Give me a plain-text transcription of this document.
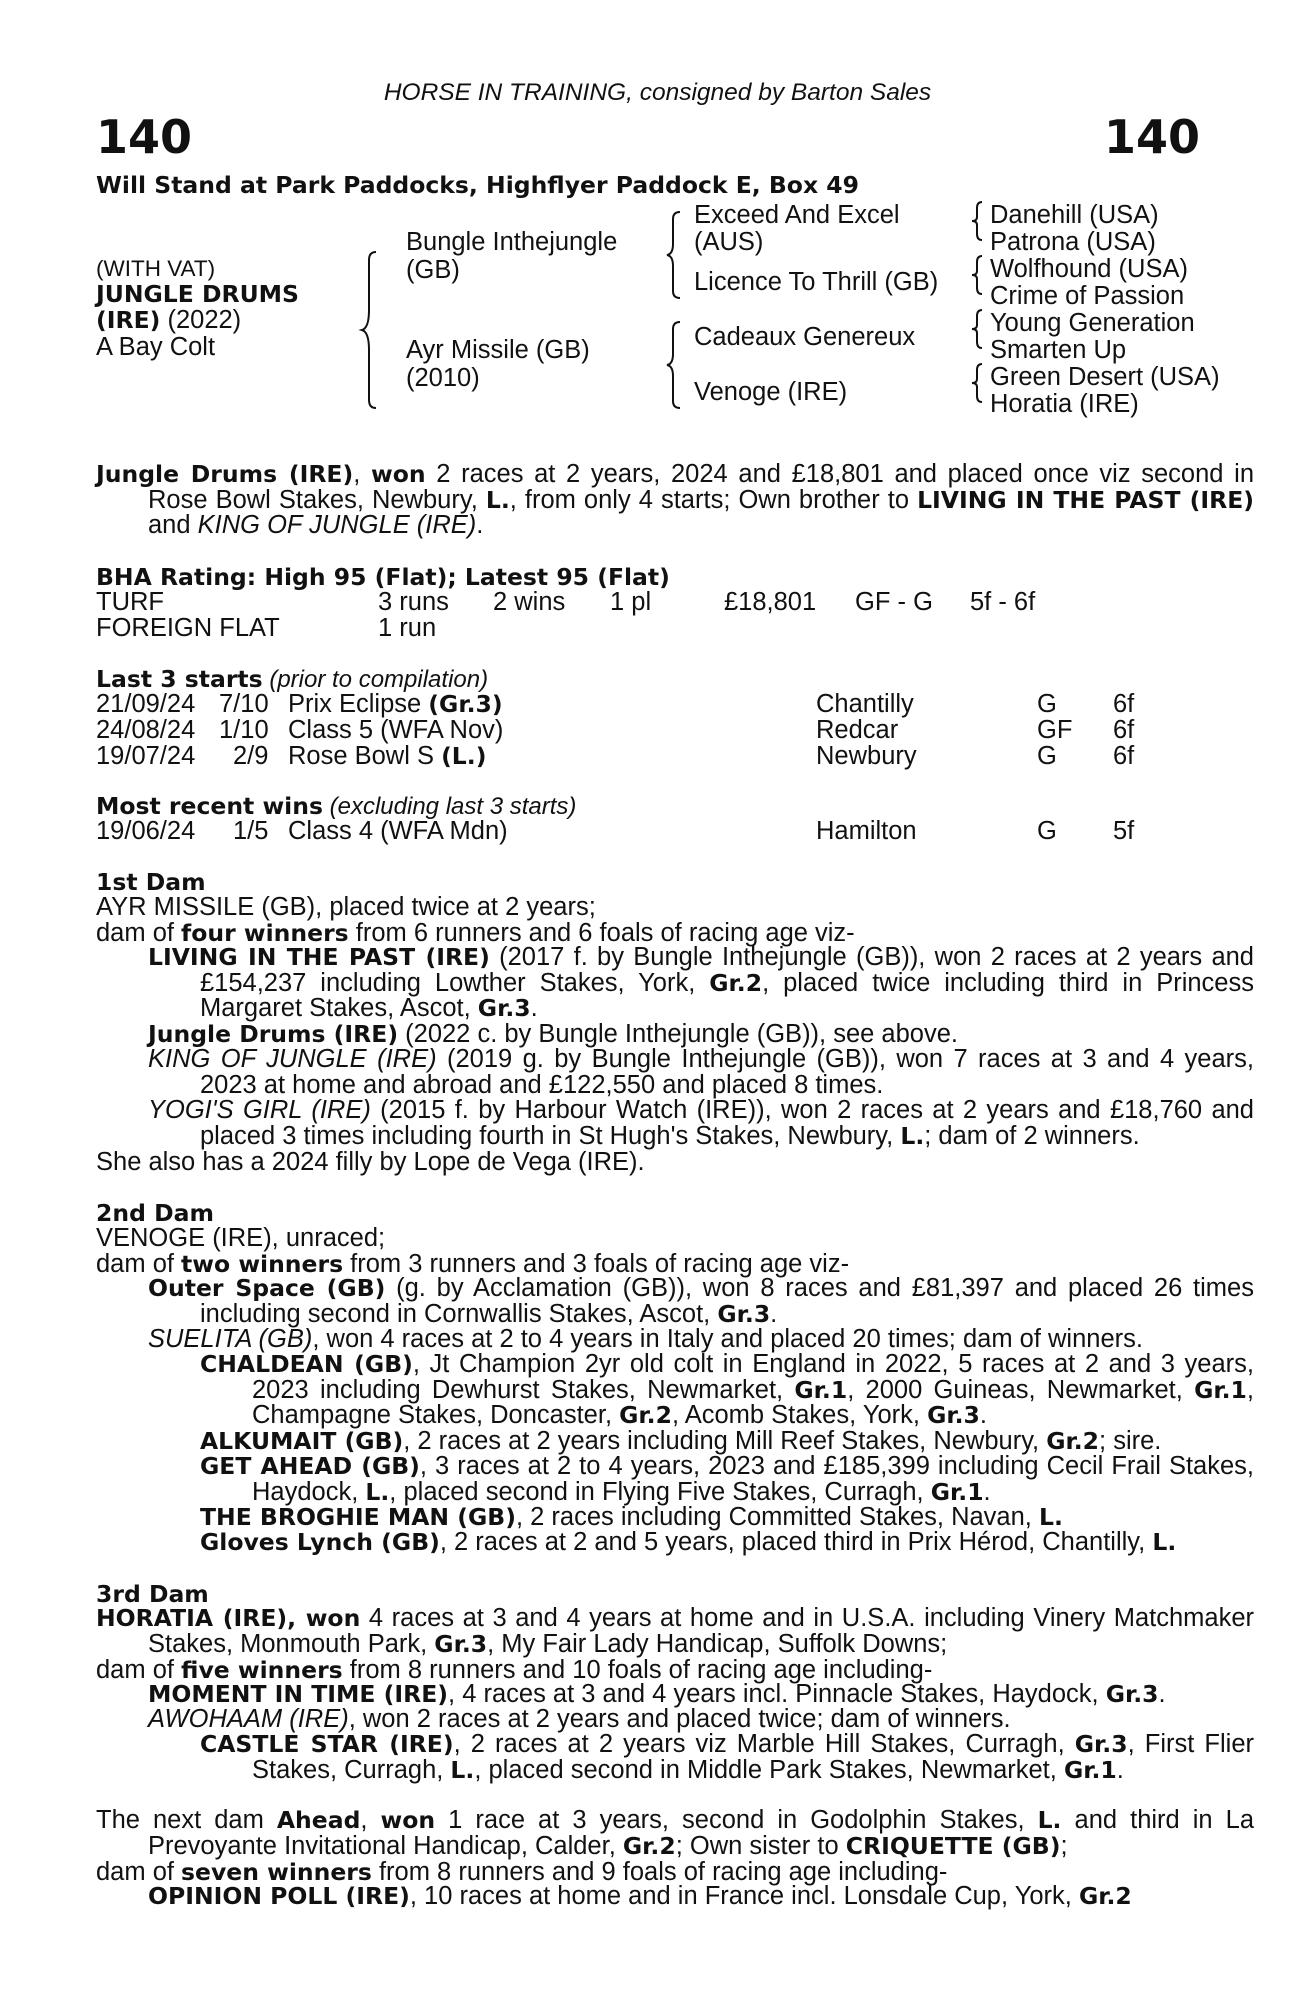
HORSE IN TRAINING, consigned by Barton Sales
140	140
Will Stand at Park Paddocks, Highflyer Paddock E, Box 49
(WITH VAT)
JUNGLE DRUMS
(IRE) (2022)
A Bay Colt
Bungle Inthejungle
(GB)
Ayr Missile (GB)
(2010)
Exceed And Excel
(AUS)
Licence To Thrill (GB)
Cadeaux Genereux
Venoge (IRE)
Danehill (USA)
Patrona (USA)
Wolfhound (USA)
Crime of Passion
Young Generation
Smarten Up
Green Desert (USA)
Horatia (IRE)
Jungle Drums (IRE), won 2 races at 2 years, 2024 and £18,801 and placed once viz second in Rose Bowl Stakes, Newbury, L., from only 4 starts; Own brother to LIVING IN THE PAST (IRE) and KING OF JUNGLE (IRE).
BHA Rating: High 95 (Flat); Latest 95 (Flat)
TURF	3 runs 2 wins 1 pl	£18,801 GF - G 5f - 6f
FOREIGN FLAT	1 run
Last 3 starts (prior to compilation)
21/09/24 7/10 Prix Eclipse (Gr.3)	Chantilly	G 6f
24/08/24 1/10 Class 5 (WFA Nov)	Redcar	GF 6f
19/07/24 2/9 Rose Bowl S (L.)	Newbury	G 6f
Most recent wins (excluding last 3 starts)
19/06/24 1/5 Class 4 (WFA Mdn)	Hamilton	G 5f
1st Dam
AYR MISSILE (GB), placed twice at 2 years;
dam of four winners from 6 runners and 6 foals of racing age viz-
LIVING IN THE PAST (IRE) (2017 f. by Bungle Inthejungle (GB)), won 2 races at 2 years and £154,237 including Lowther Stakes, York, Gr.2, placed twice including third in Princess Margaret Stakes, Ascot, Gr.3.
Jungle Drums (IRE) (2022 c. by Bungle Inthejungle (GB)), see above.
KING OF JUNGLE (IRE) (2019 g. by Bungle Inthejungle (GB)), won 7 races at 3 and 4 years, 2023 at home and abroad and £122,550 and placed 8 times.
YOGI'S GIRL (IRE) (2015 f. by Harbour Watch (IRE)), won 2 races at 2 years and £18,760 and placed 3 times including fourth in St Hugh's Stakes, Newbury, L.; dam of 2 winners.
She also has a 2024 filly by Lope de Vega (IRE).
2nd Dam
VENOGE (IRE), unraced;
dam of two winners from 3 runners and 3 foals of racing age viz-
Outer Space (GB) (g. by Acclamation (GB)), won 8 races and £81,397 and placed 26 times including second in Cornwallis Stakes, Ascot, Gr.3.
SUELITA (GB), won 4 races at 2 to 4 years in Italy and placed 20 times; dam of winners.
CHALDEAN (GB), Jt Champion 2yr old colt in England in 2022, 5 races at 2 and 3 years, 2023 including Dewhurst Stakes, Newmarket, Gr.1, 2000 Guineas, Newmarket, Gr.1, Champagne Stakes, Doncaster, Gr.2, Acomb Stakes, York, Gr.3.
ALKUMAIT (GB), 2 races at 2 years including Mill Reef Stakes, Newbury, Gr.2; sire.
GET AHEAD (GB), 3 races at 2 to 4 years, 2023 and £185,399 including Cecil Frail Stakes, Haydock, L., placed second in Flying Five Stakes, Curragh, Gr.1.
THE BROGHIE MAN (GB), 2 races including Committed Stakes, Navan, L.
Gloves Lynch (GB), 2 races at 2 and 5 years, placed third in Prix Hérod, Chantilly, L.
3rd Dam
HORATIA (IRE), won 4 races at 3 and 4 years at home and in U.S.A. including Vinery Matchmaker Stakes, Monmouth Park, Gr.3, My Fair Lady Handicap, Suffolk Downs;
dam of five winners from 8 runners and 10 foals of racing age including-
MOMENT IN TIME (IRE), 4 races at 3 and 4 years incl. Pinnacle Stakes, Haydock, Gr.3.
AWOHAAM (IRE), won 2 races at 2 years and placed twice; dam of winners.
CASTLE STAR (IRE), 2 races at 2 years viz Marble Hill Stakes, Curragh, Gr.3, First Flier Stakes, Curragh, L., placed second in Middle Park Stakes, Newmarket, Gr.1.
The next dam Ahead, won 1 race at 3 years, second in Godolphin Stakes, L. and third in La Prevoyante Invitational Handicap, Calder, Gr.2; Own sister to CRIQUETTE (GB);
dam of seven winners from 8 runners and 9 foals of racing age including-
OPINION POLL (IRE), 10 races at home and in France incl. Lonsdale Cup, York, Gr.2
